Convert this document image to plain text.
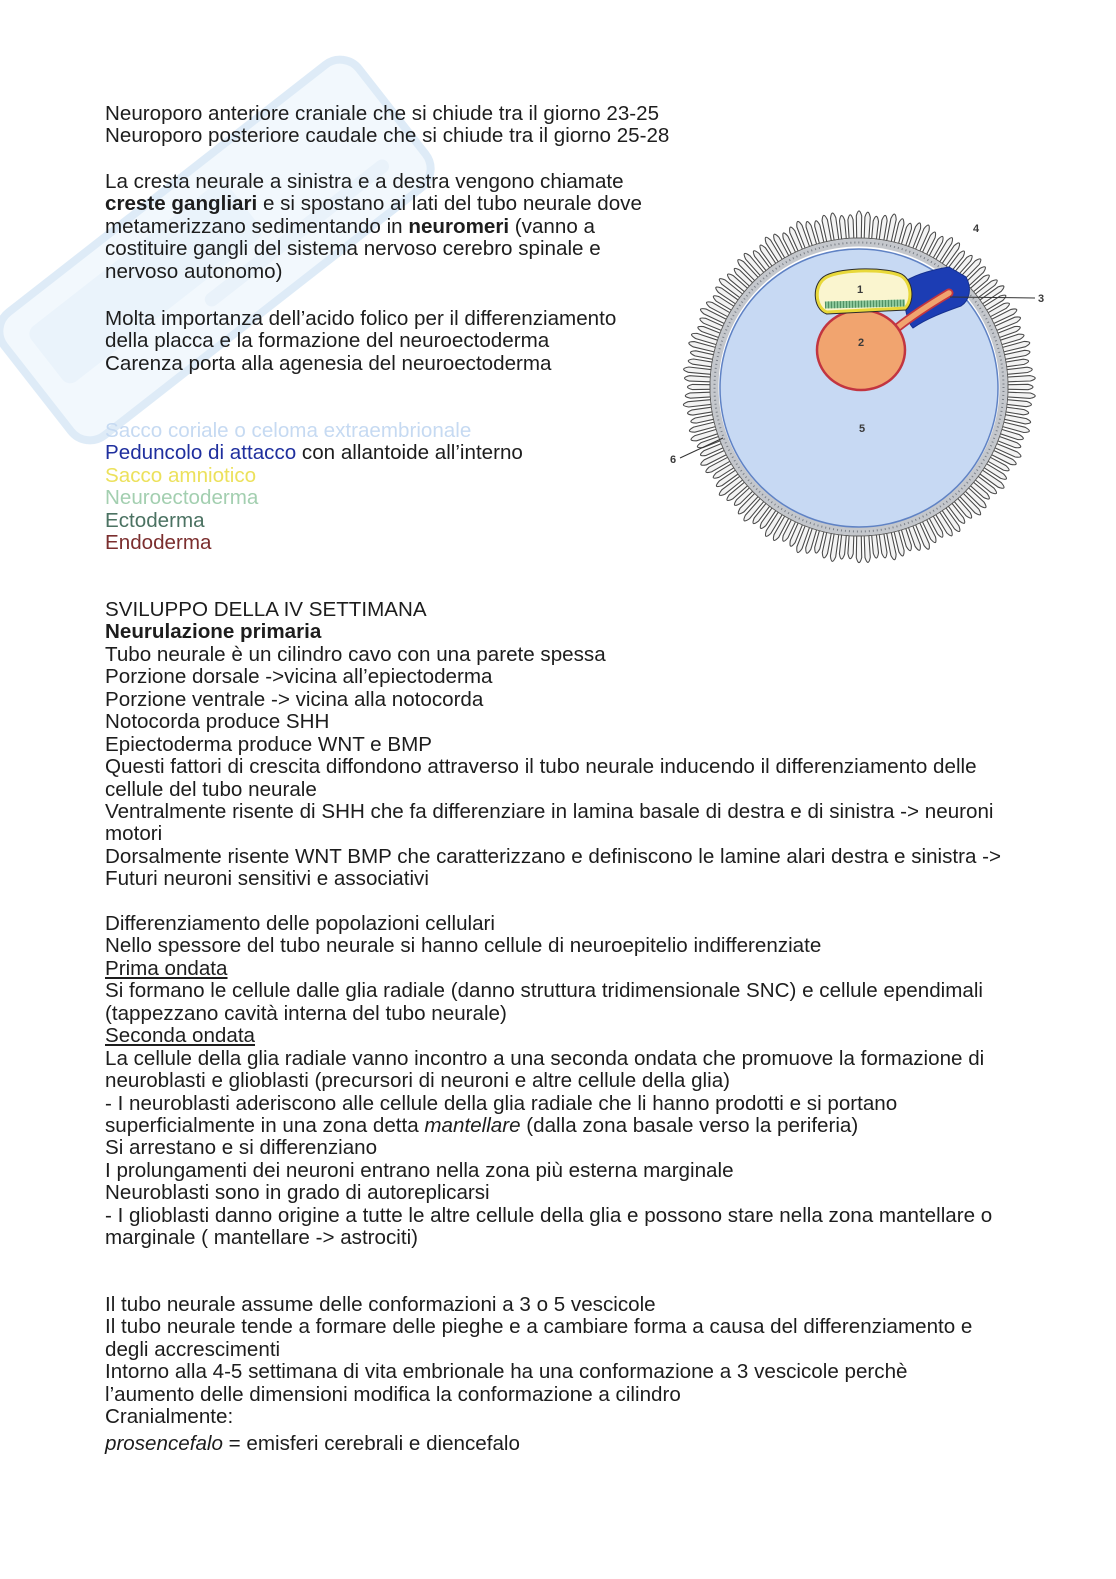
Neuroporo anteriore craniale che si chiude tra il giorno 23-25
Neuroporo posteriore caudale che si chiude tra il giorno 25-28
La cresta neurale a sinistra e a destra vengono chiamate
creste gangliari e si spostano ai lati del tubo neurale dove
metamerizzano sedimentando in neuromeri (vanno a
costituire gangli del sistema nervoso cerebro spinale e
nervoso autonomo)
Molta importanza dell’acido folico per il differenziamento
della placca e la formazione del neuroectoderma
Carenza porta alla agenesia del neuroectoderma
Sacco coriale o celoma extraembrionale
Peduncolo di attacco con allantoide all’interno
Sacco amniotico
Neuroectoderma
Ectoderma
Endoderma
SVILUPPO DELLA IV SETTIMANA
Neurulazione primaria
Tubo neurale è un cilindro cavo con una parete spessa
Porzione dorsale ->vicina all’epiectoderma
Porzione ventrale -> vicina alla notocorda
Notocorda produce SHH
Epiectoderma produce WNT e BMP
Questi fattori di crescita diffondono attraverso il tubo neurale inducendo il differenziamento delle
cellule del tubo neurale
Ventralmente risente di SHH che fa differenziare in lamina basale di destra e di sinistra -> neuroni
motori
Dorsalmente risente WNT BMP che caratterizzano e definiscono le lamine alari destra e sinistra ->
Futuri neuroni sensitivi e associativi
Differenziamento delle popolazioni cellulari
Nello spessore del tubo neurale si hanno cellule di neuroepitelio indifferenziate
Prima ondata
Si formano le cellule dalle glia radiale (danno struttura tridimensionale SNC) e cellule ependimali
(tappezzano cavità interna del tubo neurale)
Seconda ondata
La cellule della glia radiale vanno incontro a una seconda ondata che promuove la formazione di
neuroblasti e glioblasti (precursori di neuroni e altre cellule della glia)
- I neuroblasti aderiscono alle cellule della glia radiale che li hanno prodotti e si portano
superficialmente in una zona detta mantellare (dalla zona basale verso la periferia)
Si arrestano e si differenziano
I prolungamenti dei neuroni entrano nella zona più esterna marginale
Neuroblasti sono in grado di autoreplicarsi
- I glioblasti danno origine a tutte le altre cellule della glia e possono stare nella zona mantellare o
marginale ( mantellare -> astrociti)
Il tubo neurale assume delle conformazioni a 3 o 5 vescicole
Il tubo neurale tende a formare delle pieghe e a cambiare forma a causa del differenziamento e
degli accrescimenti
Intorno alla 4-5 settimana di vita embrionale ha una conformazione a 3 vescicole perchè
l’aumento delle dimensioni modifica la conformazione a cilindro
Cranialmente:
prosencefalo = emisferi cerebrali e diencefalo
1
2
3
4
5
6
